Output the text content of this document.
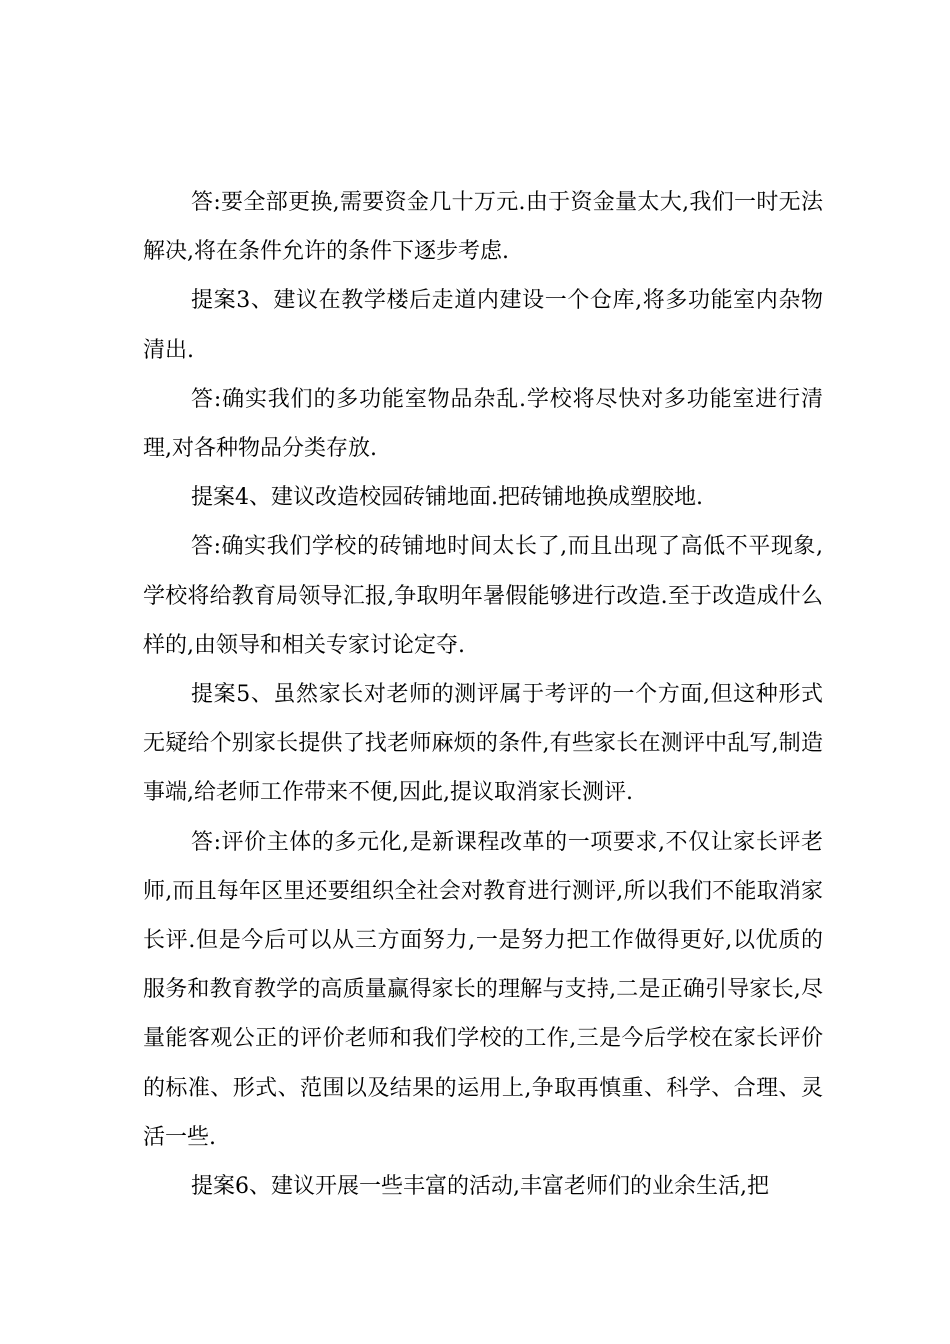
答:要全部更换,需要资金几十万元.由于资金量太大,我们一时无法解决,将在条件允许的条件下逐步考虑.

提案3、建议在教学楼后走道内建设一个仓库,将多功能室内杂物清出.

答:确实我们的多功能室物品杂乱.学校将尽快对多功能室进行清理,对各种物品分类存放.

提案4、建议改造校园砖铺地面.把砖铺地换成塑胶地.

答:确实我们学校的砖铺地时间太长了,而且出现了高低不平现象,学校将给教育局领导汇报,争取明年暑假能够进行改造.至于改造成什么样的,由领导和相关专家讨论定夺.

提案5、虽然家长对老师的测评属于考评的一个方面,但这种形式无疑给个别家长提供了找老师麻烦的条件,有些家长在测评中乱写,制造事端,给老师工作带来不便,因此,提议取消家长测评.

答:评价主体的多元化,是新课程改革的一项要求,不仅让家长评老师,而且每年区里还要组织全社会对教育进行测评,所以我们不能取消家长评.但是今后可以从三方面努力,一是努力把工作做得更好,以优质的服务和教育教学的高质量赢得家长的理解与支持,二是正确引导家长,尽量能客观公正的评价老师和我们学校的工作,三是今后学校在家长评价的标准、形式、范围以及结果的运用上,争取再慎重、科学、合理、灵活一些.

提案6、建议开展一些丰富的活动,丰富老师们的业余生活,把
